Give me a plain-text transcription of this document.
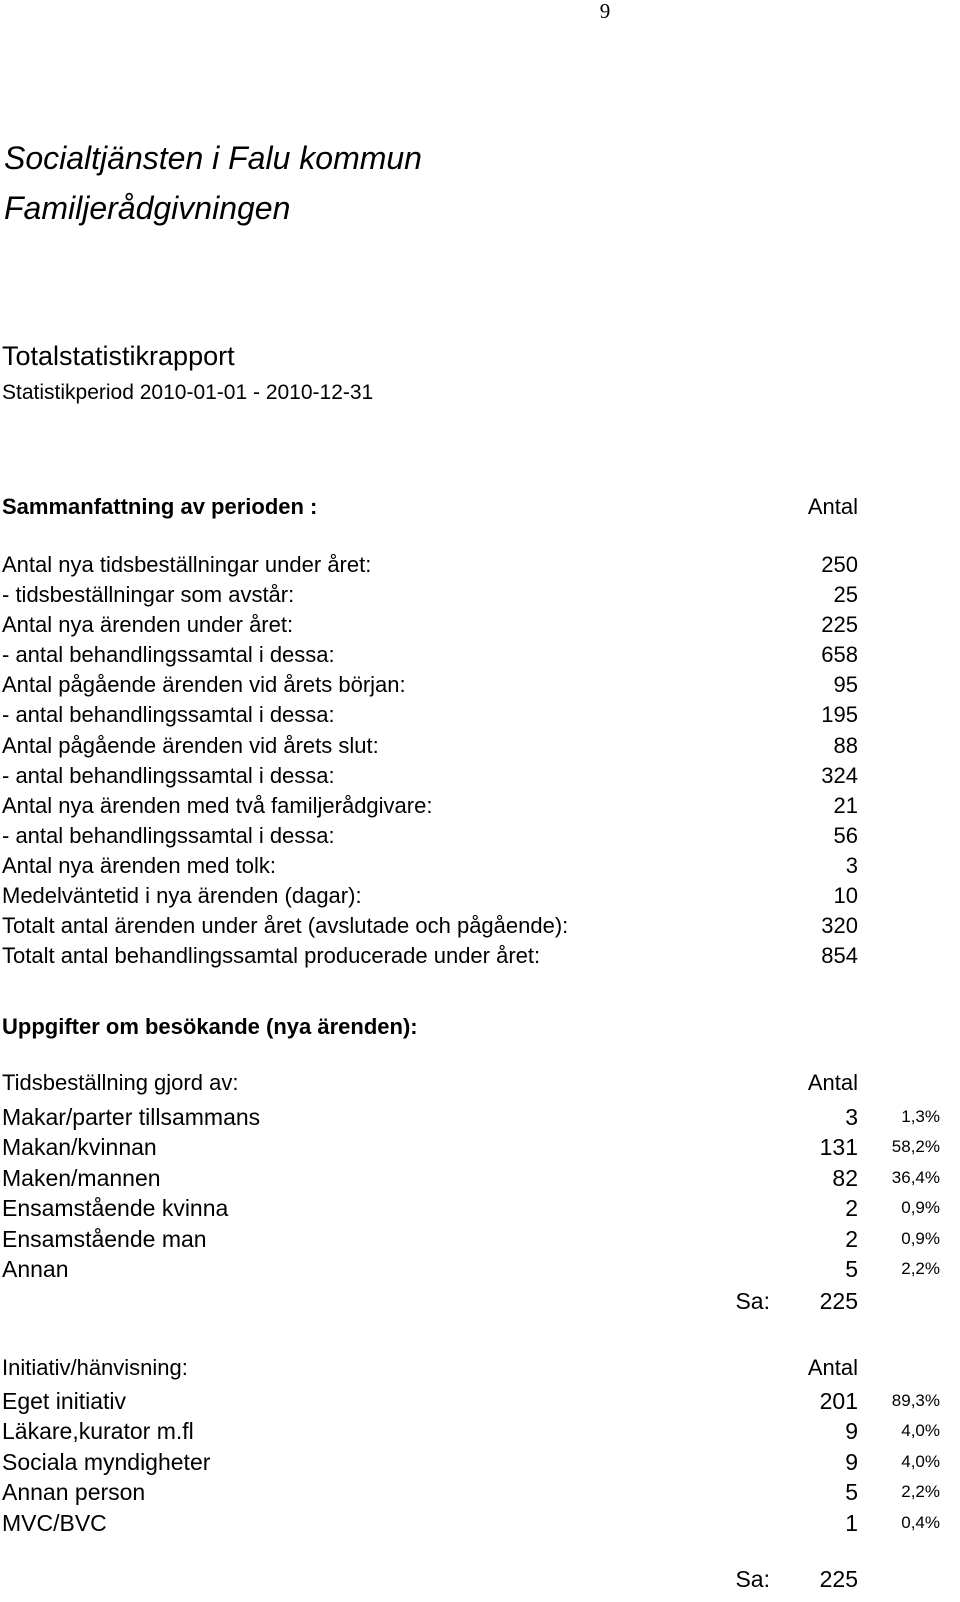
9
Socialtjänsten i Falu kommun
Familjerådgivningen
Totalstatistikrapport
Statistikperiod 2010-01-01 - 2010-12-31
Sammanfattning av perioden :	Antal
Antal nya tidsbeställningar under året:	250
- tidsbeställningar som avstår:	25
Antal nya ärenden under året:	225
- antal behandlingssamtal i dessa:	658
Antal pågående ärenden vid årets början:	95
- antal behandlingssamtal i dessa:	195
Antal pågående ärenden vid årets slut:	88
- antal behandlingssamtal i dessa:	324
Antal nya ärenden med två familjerådgivare:	21
- antal behandlingssamtal i dessa:	56
Antal nya ärenden med tolk:	3
Medelväntetid i nya ärenden (dagar):	10
Totalt antal ärenden under året (avslutade och pågående):	320
Totalt antal behandlingssamtal producerade under året:	854
Uppgifter om besökande (nya ärenden):
Tidsbeställning gjord av:	Antal
Makar/parter tillsammans	3	1,3%
Makan/kvinnan	131 58,2%
Maken/mannen	82 36,4%
Ensamstående kvinna	2	0,9%
Ensamstående man	2	0,9%
Annan	5	2,2%
Sa: 225
Initiativ/hänvisning:	Antal
Eget initiativ	201 89,3%
Läkare,kurator m.fl	9	4,0%
Sociala myndigheter	9	4,0%
Annan person	5	2,2%
MVC/BVC	1	0,4%
Sa: 225
